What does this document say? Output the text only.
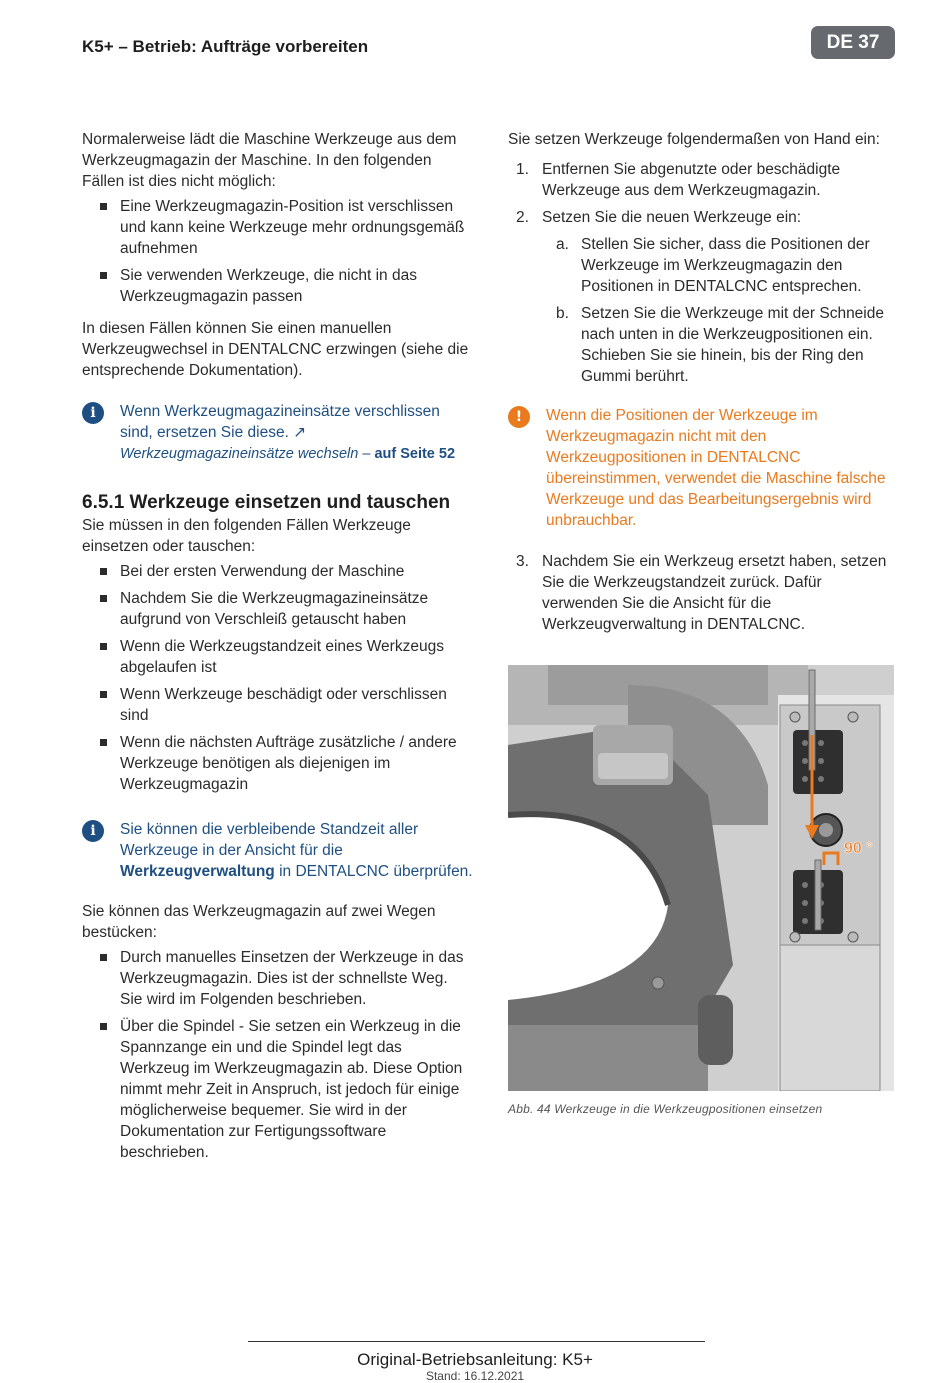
K5+ – Betrieb: Aufträge vorbereiten	DE 37

Normalerweise lädt die Maschine Werkzeuge aus dem Werkzeugmagazin der Maschine. In den folgenden Fällen ist dies nicht möglich:

Eine Werkzeugmagazin-Position ist verschlissen und kann keine Werkzeuge mehr ordnungsgemäß aufnehmen
Sie verwenden Werkzeuge, die nicht in das Werkzeugmagazin passen

In diesen Fällen können Sie einen manuellen Werkzeugwechsel in DENTALCNC erzwingen (siehe die entsprechende Dokumentation).

i	Wenn Werkzeugmagazineinsätze verschlissen sind, ersetzen Sie diese. ↗ Werkzeugmagazineinsätze wechseln – auf Seite 52
6.5.1 Werkzeuge einsetzen und tauschen

Sie müssen in den folgenden Fällen Werkzeuge einsetzen oder tauschen:

Bei der ersten Verwendung der Maschine
Nachdem Sie die Werkzeugmagazineinsätze aufgrund von Verschleiß getauscht haben
Wenn die Werkzeugstandzeit eines Werkzeugs abgelaufen ist
Wenn Werkzeuge beschädigt oder verschlissen sind
Wenn die nächsten Aufträge zusätzliche / andere Werkzeuge benötigen als diejenigen im Werkzeugmagazin
i	Sie können die verbleibende Standzeit aller Werkzeuge in der Ansicht für die Werkzeugverwaltung in DENTALCNC überprüfen.

Sie können das Werkzeugmagazin auf zwei Wegen bestücken:

Durch manuelles Einsetzen der Werkzeuge in das Werkzeugmagazin. Dies ist der schnellste Weg. Sie wird im Folgenden beschrieben.
Über die Spindel - Sie setzen ein Werkzeug in die Spannzange ein und die Spindel legt das Werkzeug im Werkzeugmagazin ab. Diese Option nimmt mehr Zeit in Anspruch, ist jedoch für einige möglicherweise bequemer. Sie wird in der Dokumentation zur Fertigungssoftware beschrieben.

Sie setzen Werkzeuge folgendermaßen von Hand ein:

1. Entfernen Sie abgenutzte oder beschädigte Werkzeuge aus dem Werkzeugmagazin.
2. Setzen Sie die neuen Werkzeuge ein:
a. Stellen Sie sicher, dass die Positionen der Werkzeuge im Werkzeugmagazin den Positionen in DENTALCNC entsprechen.
b. Setzen Sie die Werkzeuge mit der Schneide nach unten in die Werkzeugpositionen ein. Schieben Sie sie hinein, bis der Ring den Gummi berührt.
!	Wenn die Positionen der Werkzeuge im Werkzeugmagazin nicht mit den Werkzeugpositionen in DENTALCNC übereinstimmen, verwendet die Maschine falsche Werkzeuge und das Bearbeitungsergebnis wird unbrauchbar.
3. Nachdem Sie ein Werkzeug ersetzt haben, setzen Sie die Werkzeugstandzeit zurück. Dafür verwenden Sie die Ansicht für die Werkzeugverwaltung in DENTALCNC.
90 °
Abb. 44 Werkzeuge in die Werkzeugpositionen einsetzen
Original-Betriebsanleitung: K5+
Stand: 16.12.2021
